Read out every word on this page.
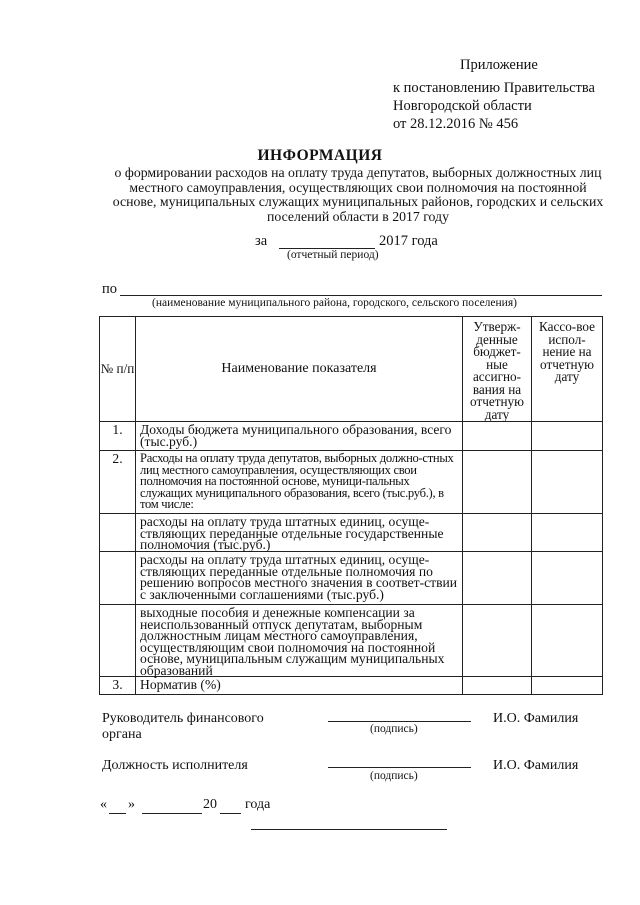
Приложение
к постановлению Правительства
Новгородской области
от 28.12.2016 № 456
ИНФОРМАЦИЯ
о формировании расходов на оплату труда депутатов, выборных должностных лиц местного самоуправления, осуществляющих свои полномочия на постоянной основе, муниципальных служащих муниципальных районов, городских и сельских поселений области в 2017 году
за	2017 года
(отчетный период)
по
(наименование муниципального района, городского, сельского поселения)
№ п/п	Наименование показателя	Утверж-денные бюджет-ные ассигно-вания на отчетную дату	Кассо-вое испол-нение на отчетную дату

1.	Доходы бюджета муниципального образования, всего (тыс.руб.)		

2.	Расходы на оплату труда депутатов, выборных должно-стных лиц местного самоуправления, осуществляющих свои полномочия на постоянной основе, муници-пальных служащих муниципального образования, всего (тыс.руб.), в том числе:		

	расходы на оплату труда штатных единиц, осуще-ствляющих переданные отдельные государственные полномочия (тыс.руб.)		

	расходы на оплату труда штатных единиц, осуще-ствляющих переданные отдельные полномочия по решению вопросов местного значения в соответ-ствии с заключенными соглашениями (тыс.руб.)		

	выходные пособия и денежные компенсации за неиспользованный отпуск депутатам, выборным должностным лицам местного самоуправления, осуществляющим свои полномочия на постоянной основе, муниципальным служащим муниципальных образований		

3.	Норматив (%)		

Руководитель финансового
органа	(подпись)
И.О. Фамилия
Должность исполнителя
(подпись)
И.О. Фамилия
« »	20 года
